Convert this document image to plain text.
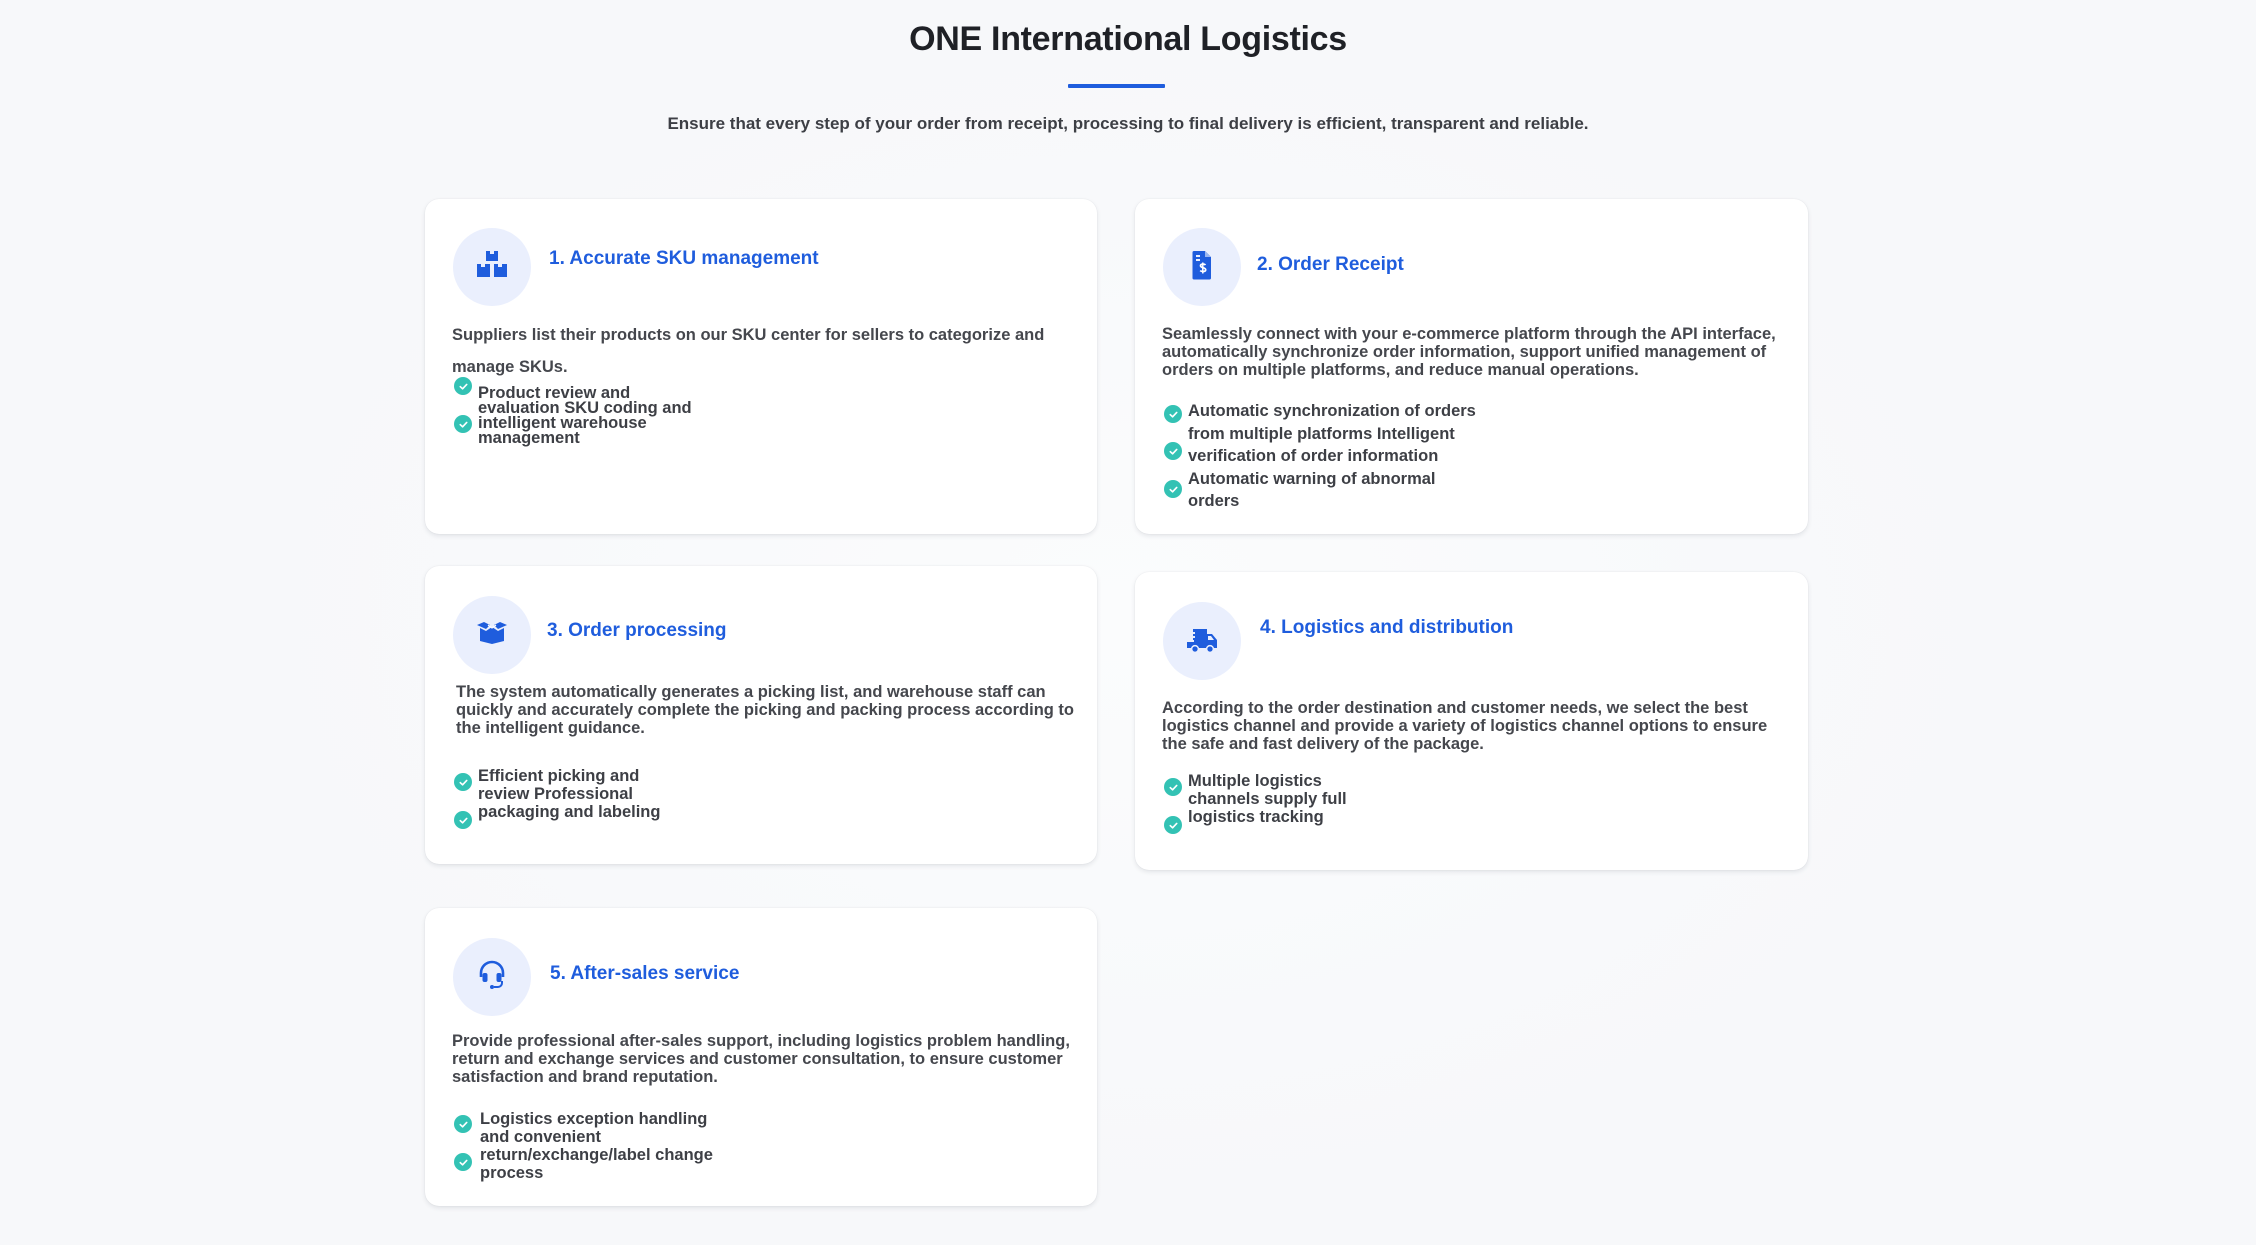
ONE International Logistics

Ensure that every step of your order from receipt, processing to final delivery is efficient, transparent and reliable.

1. Accurate SKU management
Suppliers list their products on our SKU center for sellers to categorize and manage SKUs.
Product review and evaluation SKU coding and intelligent warehouse management
2. Order Receipt
Seamlessly connect with your e-commerce platform through the API interface, automatically synchronize order information, support unified management of orders on multiple platforms, and reduce manual operations.
Automatic synchronization of orders from multiple platforms Intelligent verification of order information Automatic warning of abnormal orders
3. Order processing
The system automatically generates a picking list, and warehouse staff can quickly and accurately complete the picking and packing process according to the intelligent guidance.
Efficient picking and review Professional packaging and labeling
4. Logistics and distribution
According to the order destination and customer needs, we select the best logistics channel and provide a variety of logistics channel options to ensure the safe and fast delivery of the package.
Multiple logistics channels supply full logistics tracking
5. After-sales service
Provide professional after-sales support, including logistics problem handling, return and exchange services and customer consultation, to ensure customer satisfaction and brand reputation.
Logistics exception handling and convenient return/exchange/label change process
